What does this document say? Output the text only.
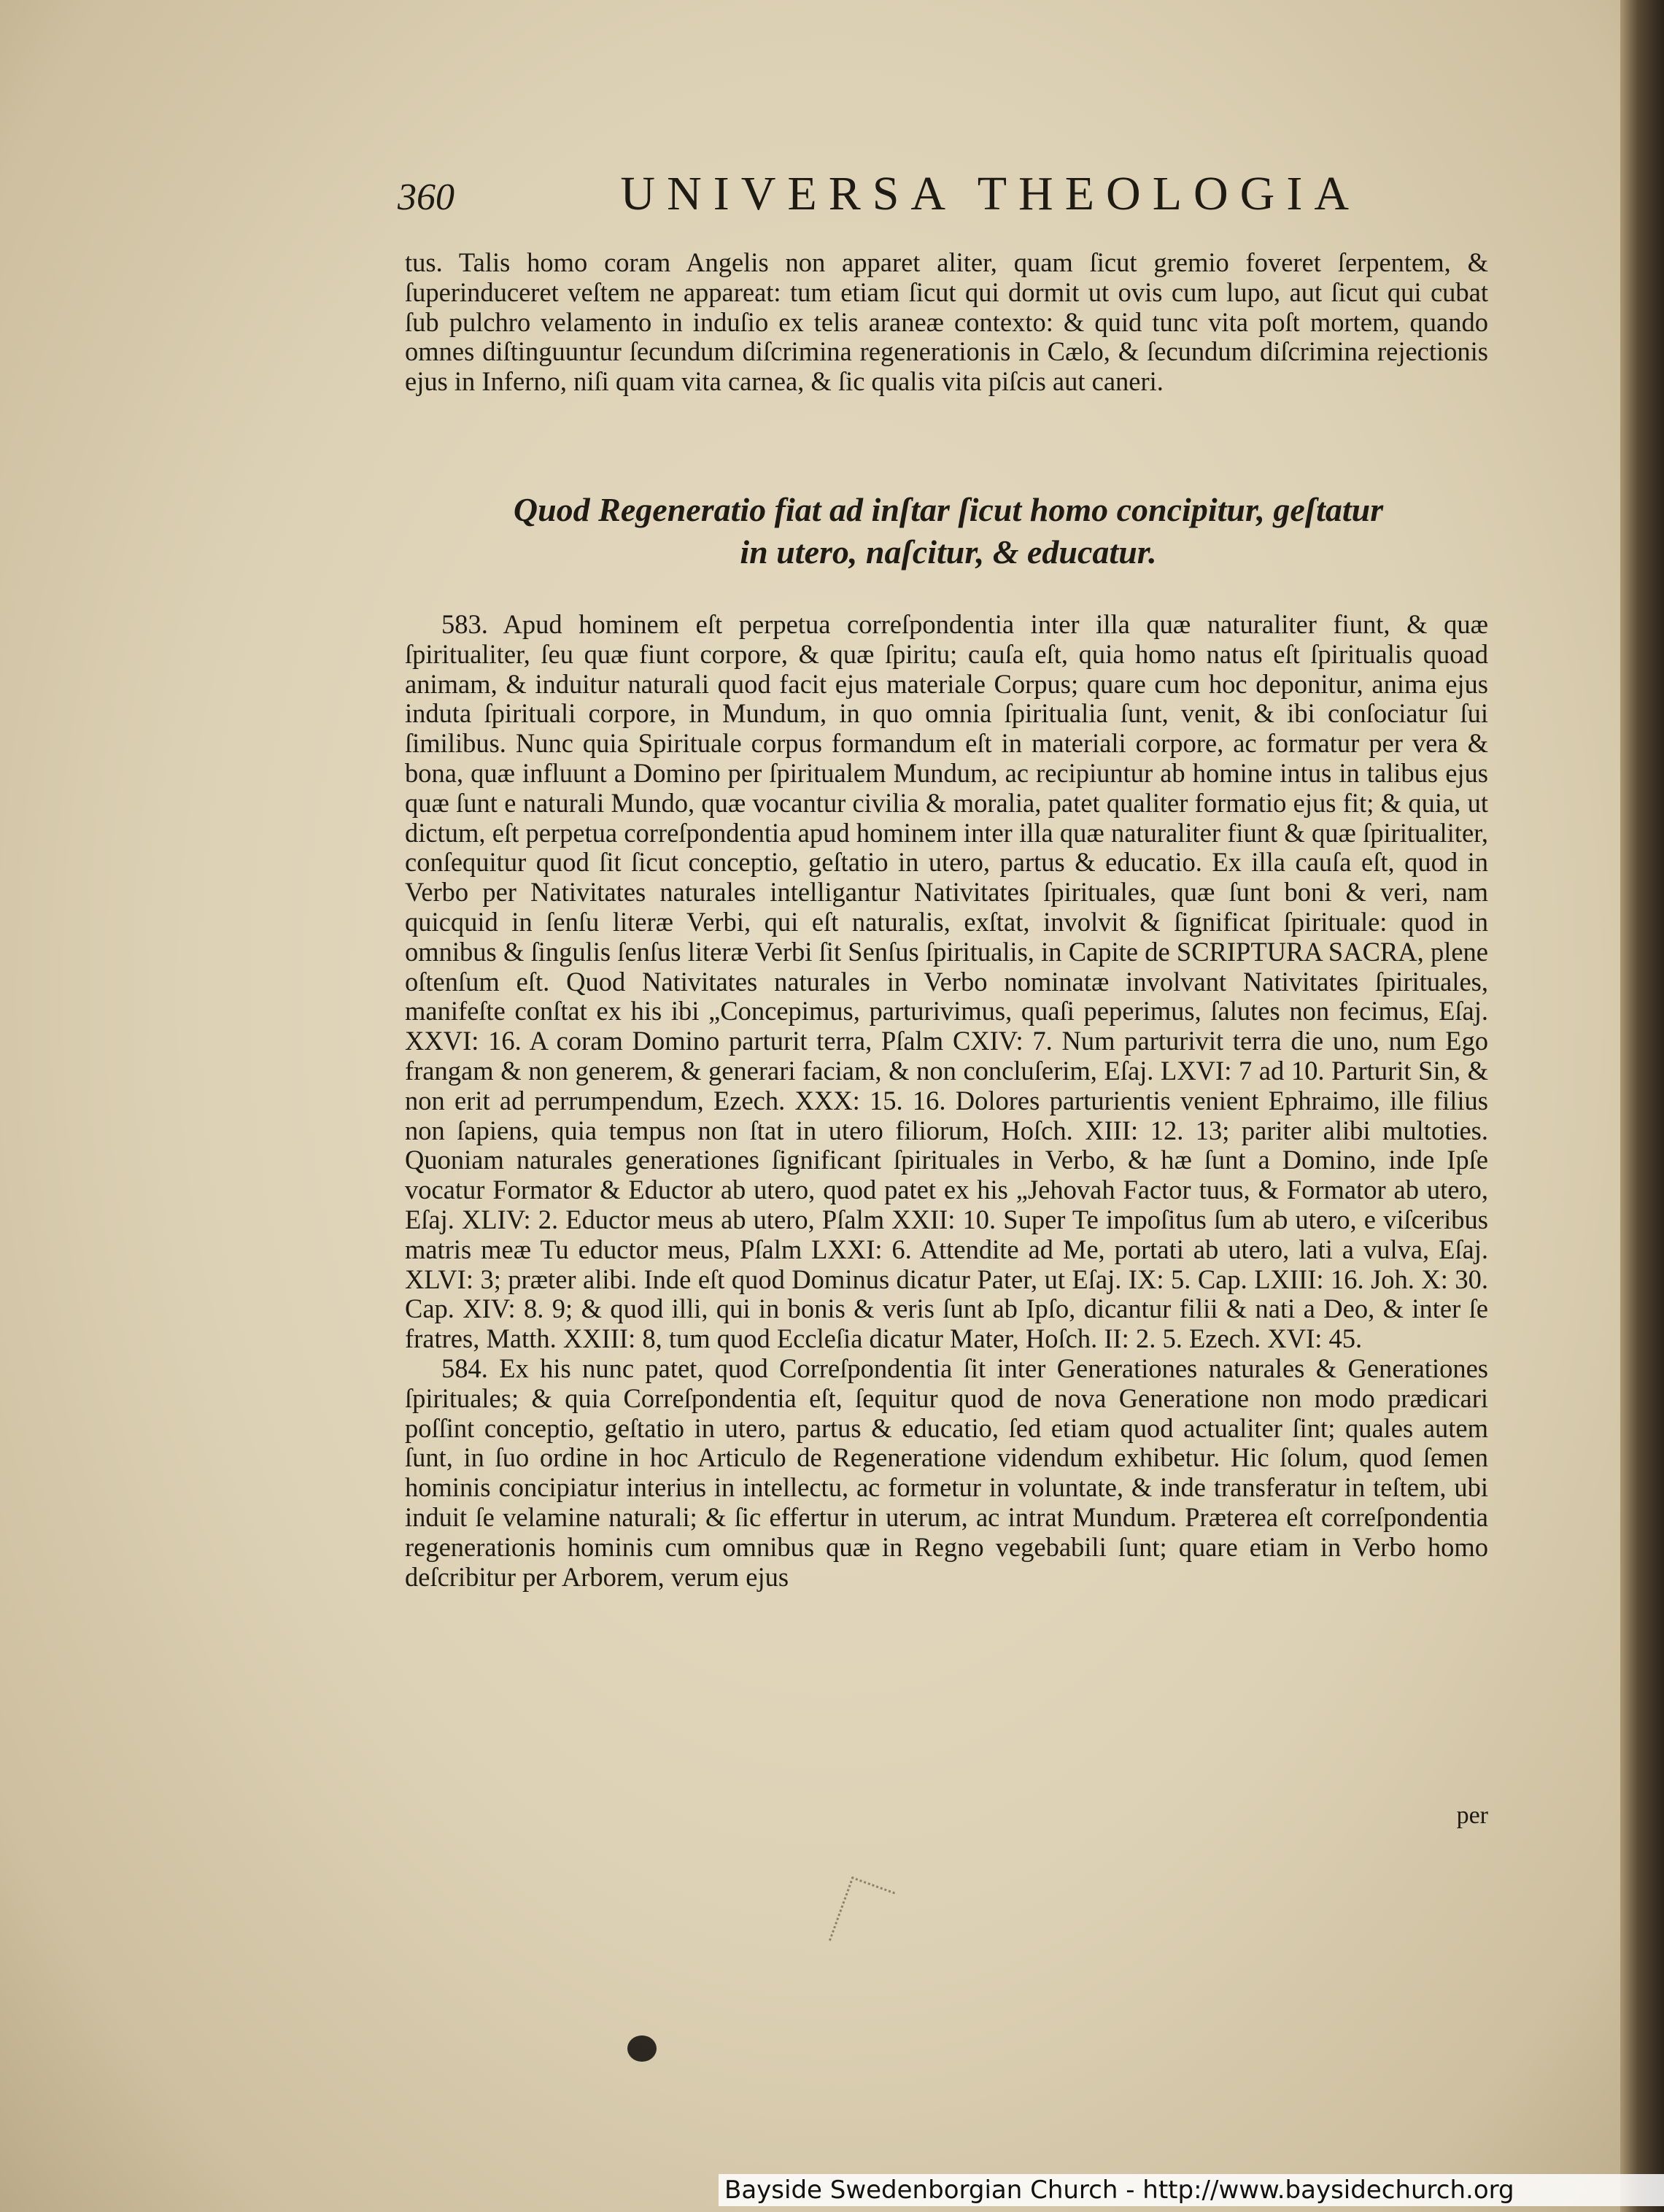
360	UNIVERSA THEOLOGIA

tus. Talis homo coram Angelis non apparet aliter, quam ſicut gremio foveret ſerpentem, & ſuperinduceret veſtem ne appareat: tum etiam ſicut qui dormit ut ovis cum lupo, aut ſicut qui cubat ſub pulchro velamento in induſio ex telis araneæ contexto: & quid tunc vita poſt mortem, quando omnes diſtinguuntur ſecundum diſcrimina regenerationis in Cælo, & ſecundum diſcrimina rejectionis ejus in Inferno, niſi quam vita carnea, & ſic qualis vita piſcis aut caneri.

Quod Regeneratio fiat ad inſtar ſicut homo concipitur, geſtatur
in utero, naſcitur, & educatur.

583. Apud hominem eſt perpetua correſpondentia inter illa quæ naturaliter fiunt, & quæ ſpiritualiter, ſeu quæ fiunt corpore, & quæ ſpiritu; cauſa eſt, quia homo natus eſt ſpiritualis quoad animam, & induitur naturali quod facit ejus materiale Corpus; quare cum hoc deponitur, anima ejus induta ſpirituali corpore, in Mundum, in quo omnia ſpiritualia ſunt, venit, & ibi conſociatur ſui ſimilibus. Nunc quia Spirituale corpus formandum eſt in materiali corpore, ac formatur per vera & bona, quæ influunt a Domino per ſpiritualem Mundum, ac recipiuntur ab homine intus in talibus ejus quæ ſunt e naturali Mundo, quæ vocantur civilia & moralia, patet qualiter formatio ejus fit; & quia, ut dictum, eſt perpetua correſpondentia apud hominem inter illa quæ naturaliter fiunt & quæ ſpiritualiter, conſequitur quod ſit ſicut conceptio, geſtatio in utero, partus & educatio. Ex illa cauſa eſt, quod in Verbo per Nativitates naturales intelligantur Nativitates ſpirituales, quæ ſunt boni & veri, nam quicquid in ſenſu literæ Verbi, qui eſt naturalis, exſtat, involvit & ſignificat ſpirituale: quod in omnibus & ſingulis ſenſus literæ Verbi ſit Senſus ſpiritualis, in Capite de SCRIPTURA SACRA, plene oſtenſum eſt. Quod Nativitates naturales in Verbo nominatæ involvant Nativitates ſpirituales, manifeſte conſtat ex his ibi „Concepimus, parturivimus, quaſi peperimus, ſalutes non fecimus, Eſaj. XXVI: 16. A coram Domino parturit terra, Pſalm CXIV: 7. Num parturivit terra die uno, num Ego frangam & non generem, & generari faciam, & non concluſerim, Eſaj. LXVI: 7 ad 10. Parturit Sin, & non erit ad perrumpendum, Ezech. XXX: 15. 16. Dolores parturientis venient Ephraimo, ille filius non ſapiens, quia tempus non ſtat in utero filiorum, Hoſch. XIII: 12. 13; pariter alibi multoties. Quoniam naturales generationes ſignificant ſpirituales in Verbo, & hæ ſunt a Domino, inde Ipſe vocatur Formator & Eductor ab utero, quod patet ex his „Jehovah Factor tuus, & Formator ab utero, Eſaj. XLIV: 2. Eductor meus ab utero, Pſalm XXII: 10. Super Te impoſitus ſum ab utero, e viſceribus matris meæ Tu eductor meus, Pſalm LXXI: 6. Attendite ad Me, portati ab utero, lati a vulva, Eſaj. XLVI: 3; præter alibi. Inde eſt quod Dominus dicatur Pater, ut Eſaj. IX: 5. Cap. LXIII: 16. Joh. X: 30. Cap. XIV: 8. 9; & quod illi, qui in bonis & veris ſunt ab Ipſo, dicantur filii & nati a Deo, & inter ſe fratres, Matth. XXIII: 8, tum quod Eccleſia dicatur Mater, Hoſch. II: 2. 5. Ezech. XVI: 45.

584. Ex his nunc patet, quod Correſpondentia ſit inter Generationes naturales & Generationes ſpirituales; & quia Correſpondentia eſt, ſequitur quod de nova Generatione non modo prædicari poſſint conceptio, geſtatio in utero, partus & educatio, ſed etiam quod actualiter ſint; quales autem ſunt, in ſuo ordine in hoc Articulo de Regeneratione videndum exhibetur. Hic ſolum, quod ſemen hominis concipiatur interius in intellectu, ac formetur in voluntate, & inde transferatur in teſtem, ubi induit ſe velamine naturali; & ſic effertur in uterum, ac intrat Mundum. Præterea eſt correſpondentia regenerationis hominis cum omnibus quæ in Regno vegebabili ſunt; quare etiam in Verbo homo deſcribitur per Arborem, verum ejus

per
Bayside Swedenborgian Church - http://www.baysidechurch.org
